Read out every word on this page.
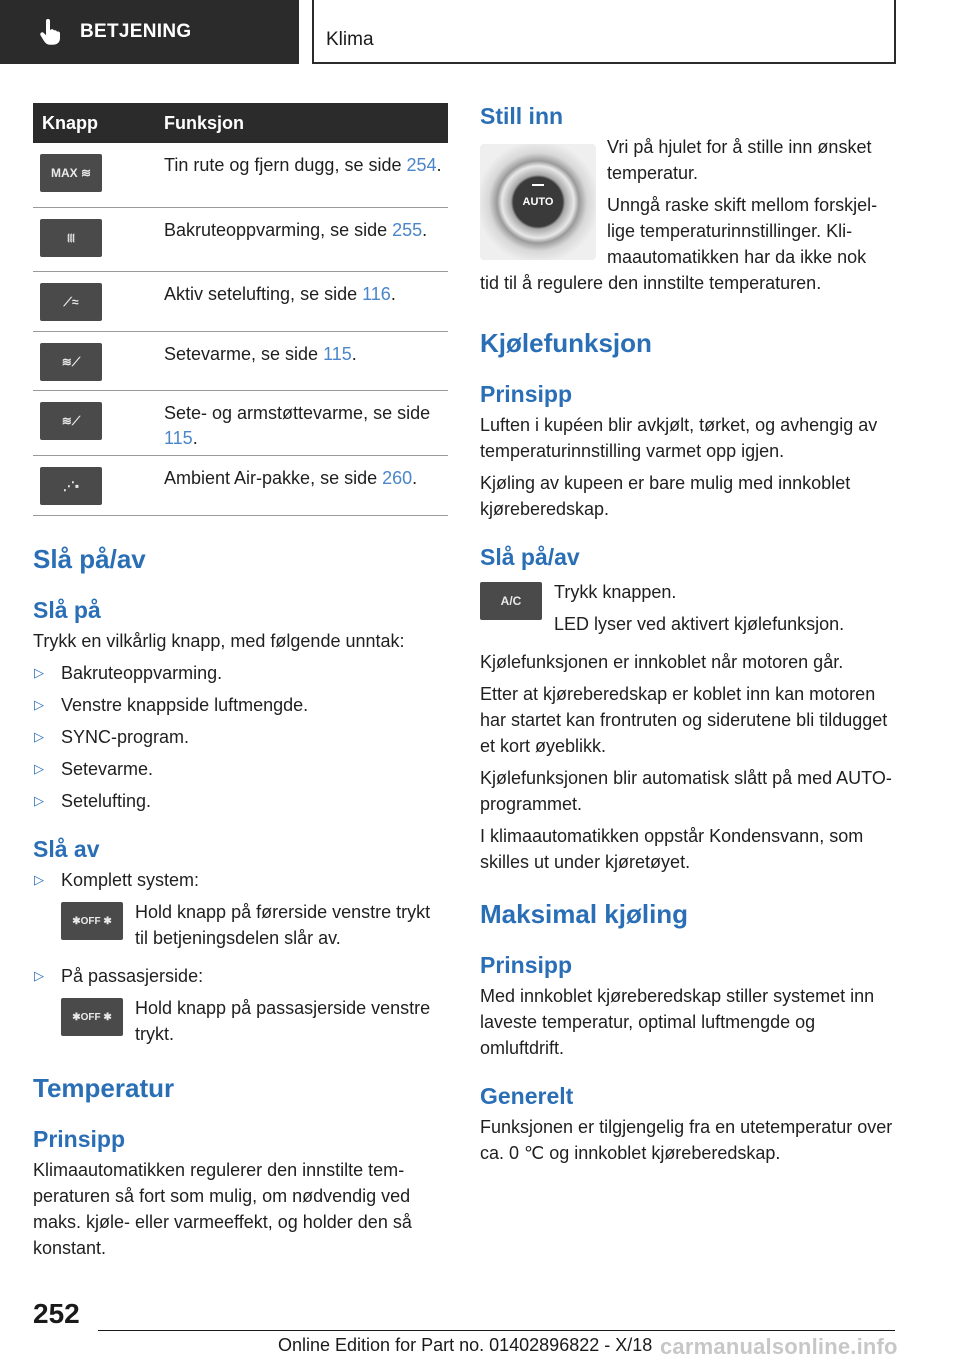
BETJENING	Klima
Knapp	Funksjon
MAX ≋	Tin rute og fjern dugg, se side 254.
⧙⧙⧙	Bakruteoppvarming, se side 255.
⟋≈	Aktiv setelufting, se side 116.
≋⟋	Setevarme, se side 115.
≋⟋	Sete- og armstøttevarme, se side 115.
⋰▪	Ambient Air-pakke, se side 260.
Slå på/av
Slå på
Trykk en vilkårlig knapp, med følgende unntak:
▷ Bakruteoppvarming.
▷ Venstre knappside luftmengde.
▷ SYNC-program.
▷ Setevarme.
▷ Setelufting.
Slå av
▷ Komplett system:
✱ OFF ✱	Hold knapp på førerside venstre trykt til betjeningsdelen slår av.
▷ På passasjerside:
✱ OFF ✱	Hold knapp på passasjerside venstre trykt.
Temperatur
Prinsipp
Klimaautomatikken regulerer den innstilte temperaturen så fort som mulig, om nødvendig ved maks. kjøle- eller varmeeffekt, og holder den så konstant.
Still inn
AUTO
Vri på hjulet for å stille inn ønsket temperatur.
Unngå raske skift mellom forskjellige temperaturinnstillinger. Klimaautomatikken har da ikke nok
tid til å regulere den innstilte temperaturen.
Kjølefunksjon
Prinsipp
Luften i kupéen blir avkjølt, tørket, og avhengig av temperaturinnstilling varmet opp igjen.
Kjøling av kupeen er bare mulig med innkoblet kjøreberedskap.
Slå på/av
A/C	Trykk knappen.
LED lyser ved aktivert kjølefunksjon.
Kjølefunksjonen er innkoblet når motoren går.
Etter at kjøreberedskap er koblet inn kan motoren har startet kan frontruten og siderutene bli tildugget et kort øyeblikk.
Kjølefunksjonen blir automatisk slått på med AUTO-programmet.
I klimaautomatikken oppstår Kondensvann, som skilles ut under kjøretøyet.
Maksimal kjøling
Prinsipp
Med innkoblet kjøreberedskap stiller systemet inn laveste temperatur, optimal luftmengde og omluftdrift.
Generelt
Funksjonen er tilgjengelig fra en utetemperatur over ca. 0 ℃ og innkoblet kjøreberedskap.
252
Online Edition for Part no. 01402896822 - X/18 carmanualsonline.info
